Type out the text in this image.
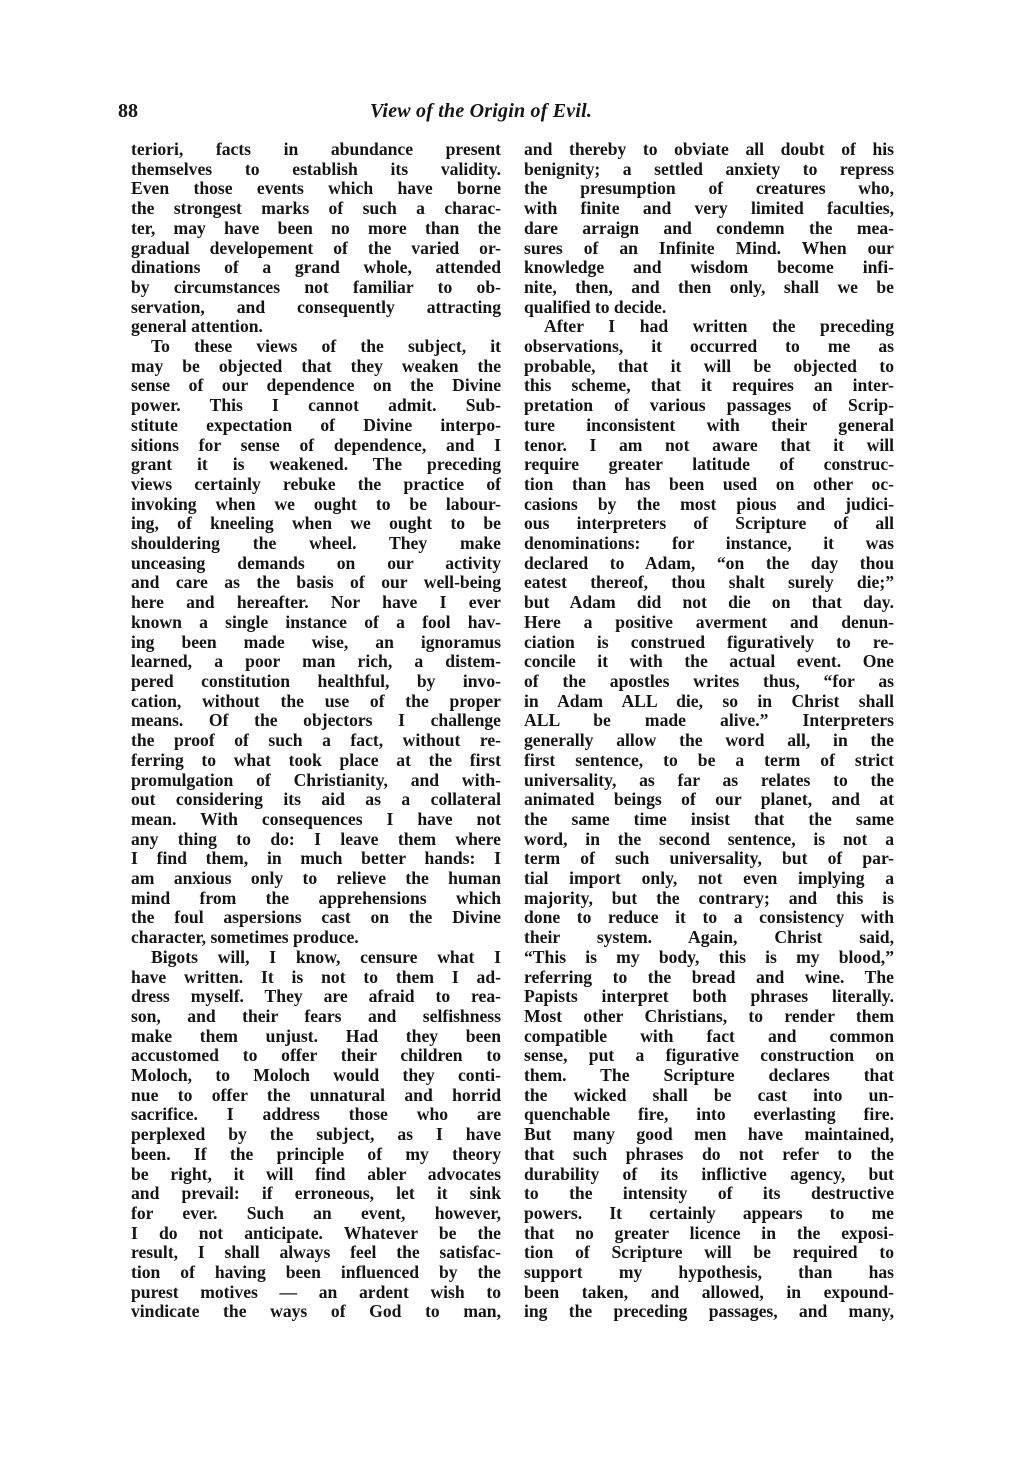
88	View of the Origin of Evil.
teriori, facts in abundance present
themselves to establish its validity.
Even those events which have borne
the strongest marks of such a charac-
ter, may have been no more than the
gradual developement of the varied or-
dinations of a grand whole, attended
by circumstances not familiar to ob-
servation, and consequently attracting
general attention.
To these views of the subject, it
may be objected that they weaken the
sense of our dependence on the Divine
power. This I cannot admit. Sub-
stitute expectation of Divine interpo-
sitions for sense of dependence, and I
grant it is weakened. The preceding
views certainly rebuke the practice of
invoking when we ought to be labour-
ing, of kneeling when we ought to be
shouldering the wheel. They make
unceasing demands on our activity
and care as the basis of our well-being
here and hereafter. Nor have I ever
known a single instance of a fool hav-
ing been made wise, an ignoramus
learned, a poor man rich, a distem-
pered constitution healthful, by invo-
cation, without the use of the proper
means. Of the objectors I challenge
the proof of such a fact, without re-
ferring to what took place at the first
promulgation of Christianity, and with-
out considering its aid as a collateral
mean. With consequences I have not
any thing to do: I leave them where
I find them, in much better hands: I
am anxious only to relieve the human
mind from the apprehensions which
the foul aspersions cast on the Divine
character, sometimes produce.
Bigots will, I know, censure what I
have written. It is not to them I ad-
dress myself. They are afraid to rea-
son, and their fears and selfishness
make them unjust. Had they been
accustomed to offer their children to
Moloch, to Moloch would they conti-
nue to offer the unnatural and horrid
sacrifice. I address those who are
perplexed by the subject, as I have
been. If the principle of my theory
be right, it will find abler advocates
and prevail: if erroneous, let it sink
for ever. Such an event, however,
I do not anticipate. Whatever be the
result, I shall always feel the satisfac-
tion of having been influenced by the
purest motives — an ardent wish to
vindicate the ways of God to man,
and thereby to obviate all doubt of his
benignity; a settled anxiety to repress
the presumption of creatures who,
with finite and very limited faculties,
dare arraign and condemn the mea-
sures of an Infinite Mind. When our
knowledge and wisdom become infi-
nite, then, and then only, shall we be
qualified to decide.
After I had written the preceding
observations, it occurred to me as
probable, that it will be objected to
this scheme, that it requires an inter-
pretation of various passages of Scrip-
ture inconsistent with their general
tenor. I am not aware that it will
require greater latitude of construc-
tion than has been used on other oc-
casions by the most pious and judici-
ous interpreters of Scripture of all
denominations: for instance, it was
declared to Adam, “on the day thou
eatest thereof, thou shalt surely die;”
but Adam did not die on that day.
Here a positive averment and denun-
ciation is construed figuratively to re-
concile it with the actual event. One
of the apostles writes thus, “for as
in Adam ALL die, so in Christ shall
ALL be made alive.” Interpreters
generally allow the word all, in the
first sentence, to be a term of strict
universality, as far as relates to the
animated beings of our planet, and at
the same time insist that the same
word, in the second sentence, is not a
term of such universality, but of par-
tial import only, not even implying a
majority, but the contrary; and this is
done to reduce it to a consistency with
their system. Again, Christ said,
“This is my body, this is my blood,”
referring to the bread and wine. The
Papists interpret both phrases literally.
Most other Christians, to render them
compatible with fact and common
sense, put a figurative construction on
them. The Scripture declares that
the wicked shall be cast into un-
quenchable fire, into everlasting fire.
But many good men have maintained,
that such phrases do not refer to the
durability of its inflictive agency, but
to the intensity of its destructive
powers. It certainly appears to me
that no greater licence in the exposi-
tion of Scripture will be required to
support my hypothesis, than has
been taken, and allowed, in expound-
ing the preceding passages, and many,
